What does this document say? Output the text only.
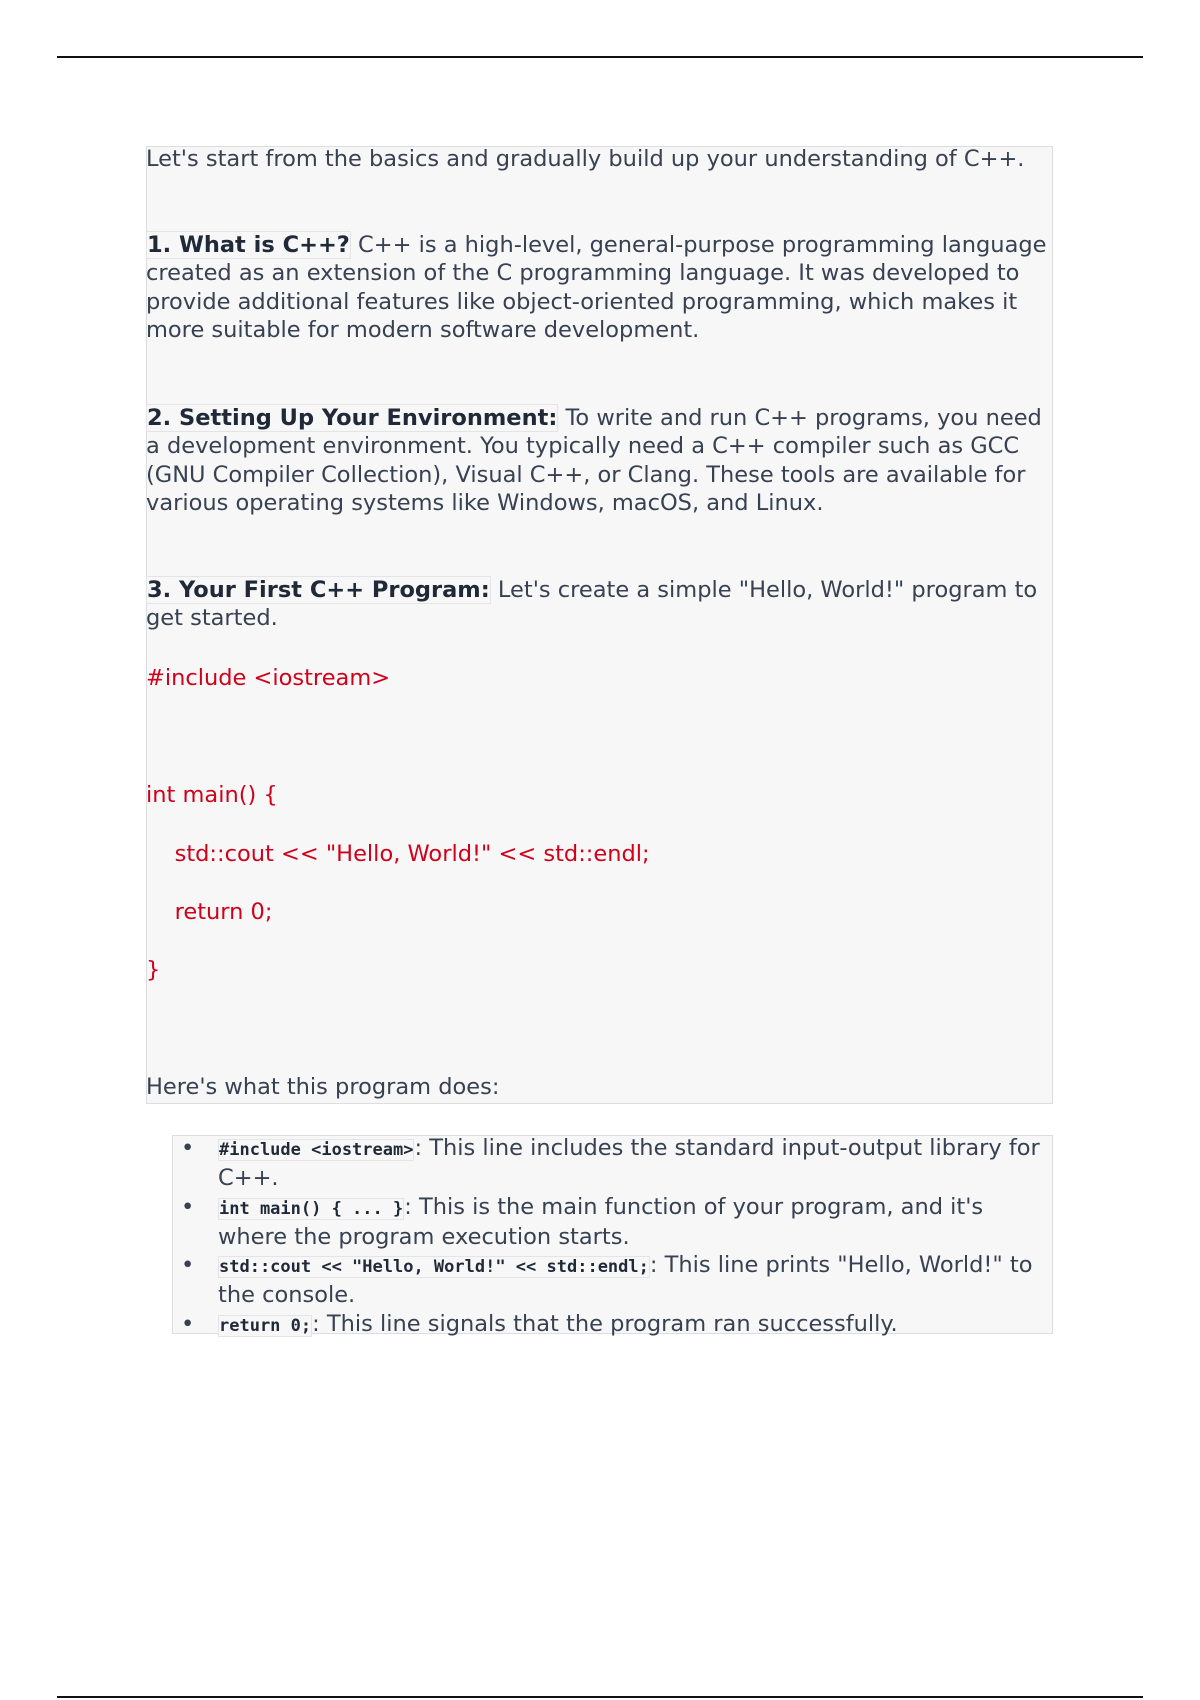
Let's start from the basics and gradually build up your understanding of C++.

1. What is C++? C++ is a high-level, general-purpose programming language created as an extension of the C programming language. It was developed to provide additional features like object-oriented programming, which makes it more suitable for modern software development.

2. Setting Up Your Environment: To write and run C++ programs, you need a development environment. You typically need a C++ compiler such as GCC (GNU Compiler Collection), Visual C++, or Clang. These tools are available for various operating systems like Windows, macOS, and Linux.

3. Your First C++ Program: Let's create a simple "Hello, World!" program to get started.

#include <iostream>
int main() {
std::cout << "Hello, World!" << std::endl;
return 0;
}

Here's what this program does:

• #include <iostream>: This line includes the standard input-output library for C++.
• int main() { ... }: This is the main function of your program, and it's where the program execution starts.
• std::cout << "Hello, World!" << std::endl;: This line prints "Hello, World!" to the console.
• return 0;: This line signals that the program ran successfully.
